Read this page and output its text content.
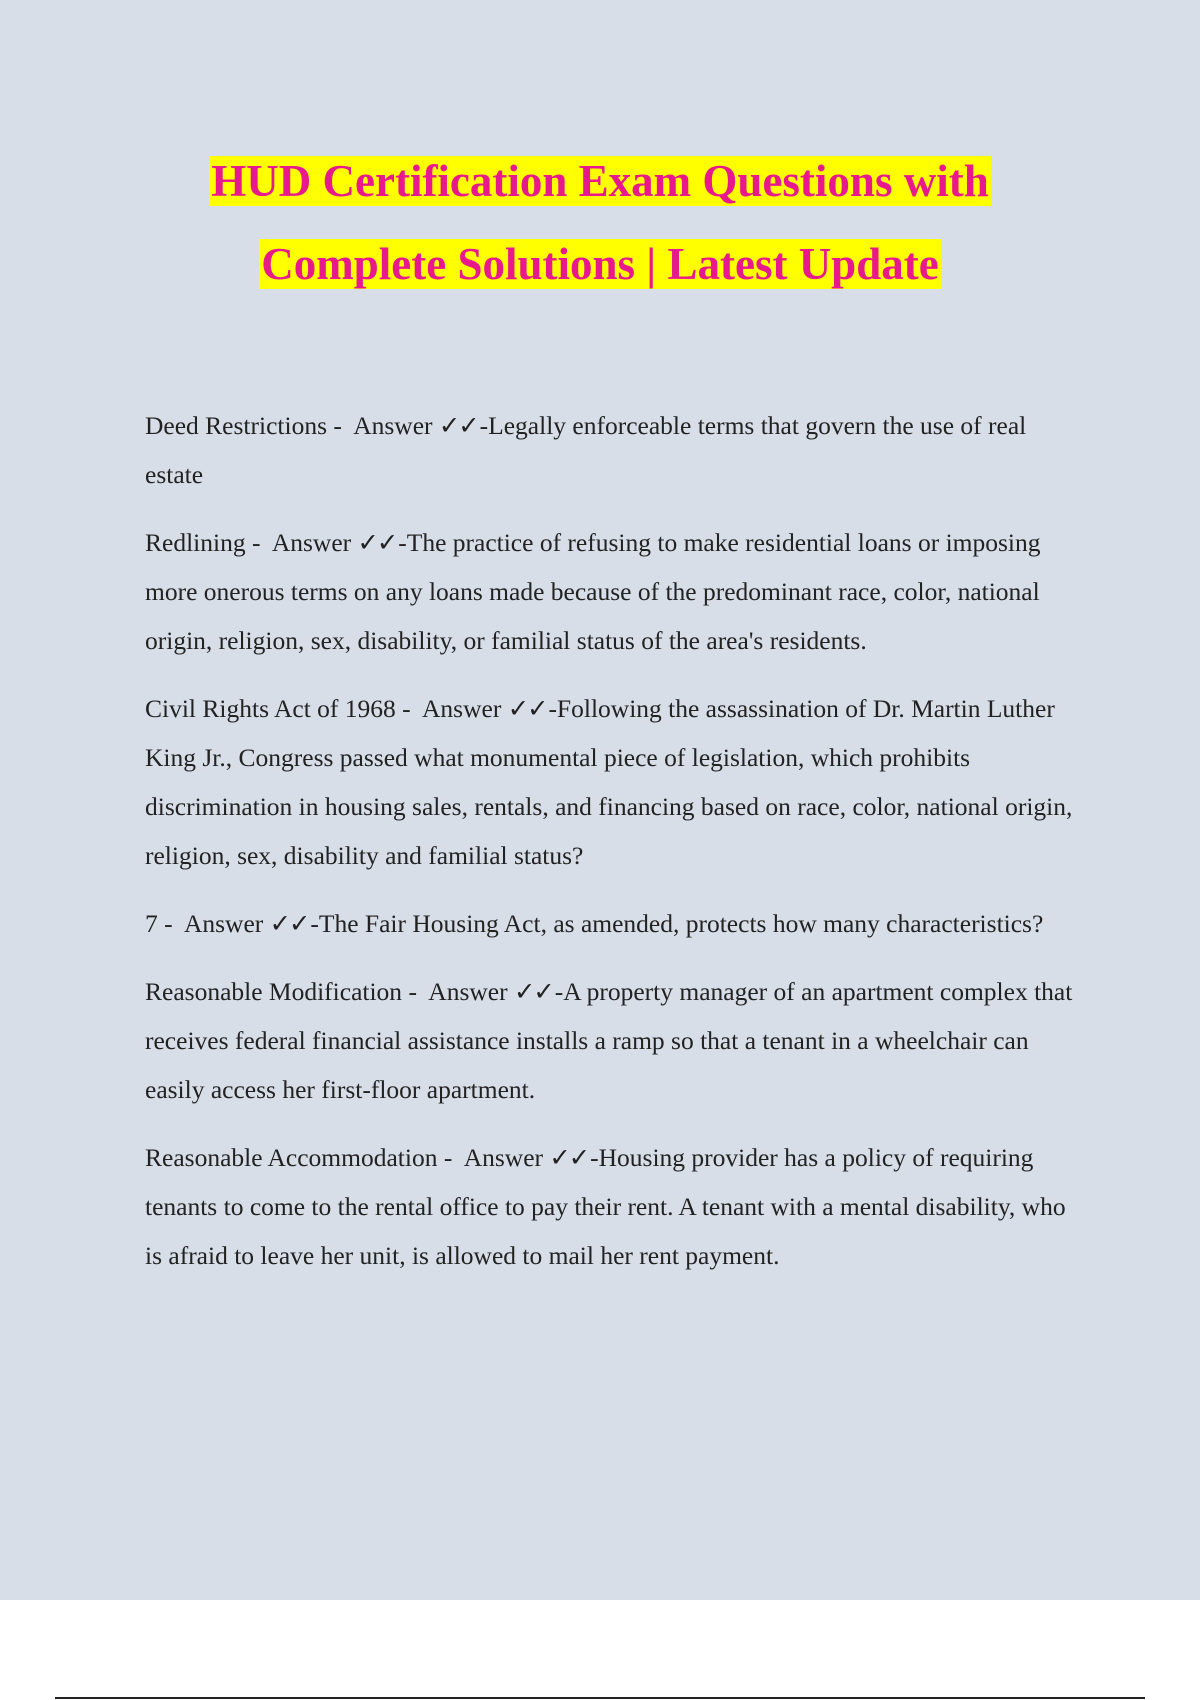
HUD Certification Exam Questions with
Complete Solutions | Latest Update

Deed Restrictions - Answer ✓✓-Legally enforceable terms that govern the use of real estate

Redlining - Answer ✓✓-The practice of refusing to make residential loans or imposing more onerous terms on any loans made because of the predominant race, color, national origin, religion, sex, disability, or familial status of the area's residents.

Civil Rights Act of 1968 - Answer ✓✓-Following the assassination of Dr. Martin Luther King Jr., Congress passed what monumental piece of legislation, which prohibits discrimination in housing sales, rentals, and financing based on race, color, national origin, religion, sex, disability and familial status?

7 - Answer ✓✓-The Fair Housing Act, as amended, protects how many characteristics?

Reasonable Modification - Answer ✓✓-A property manager of an apartment complex that receives federal financial assistance installs a ramp so that a tenant in a wheelchair can easily access her first-floor apartment.

Reasonable Accommodation - Answer ✓✓-Housing provider has a policy of requiring tenants to come to the rental office to pay their rent. A tenant with a mental disability, who is afraid to leave her unit, is allowed to mail her rent payment.
